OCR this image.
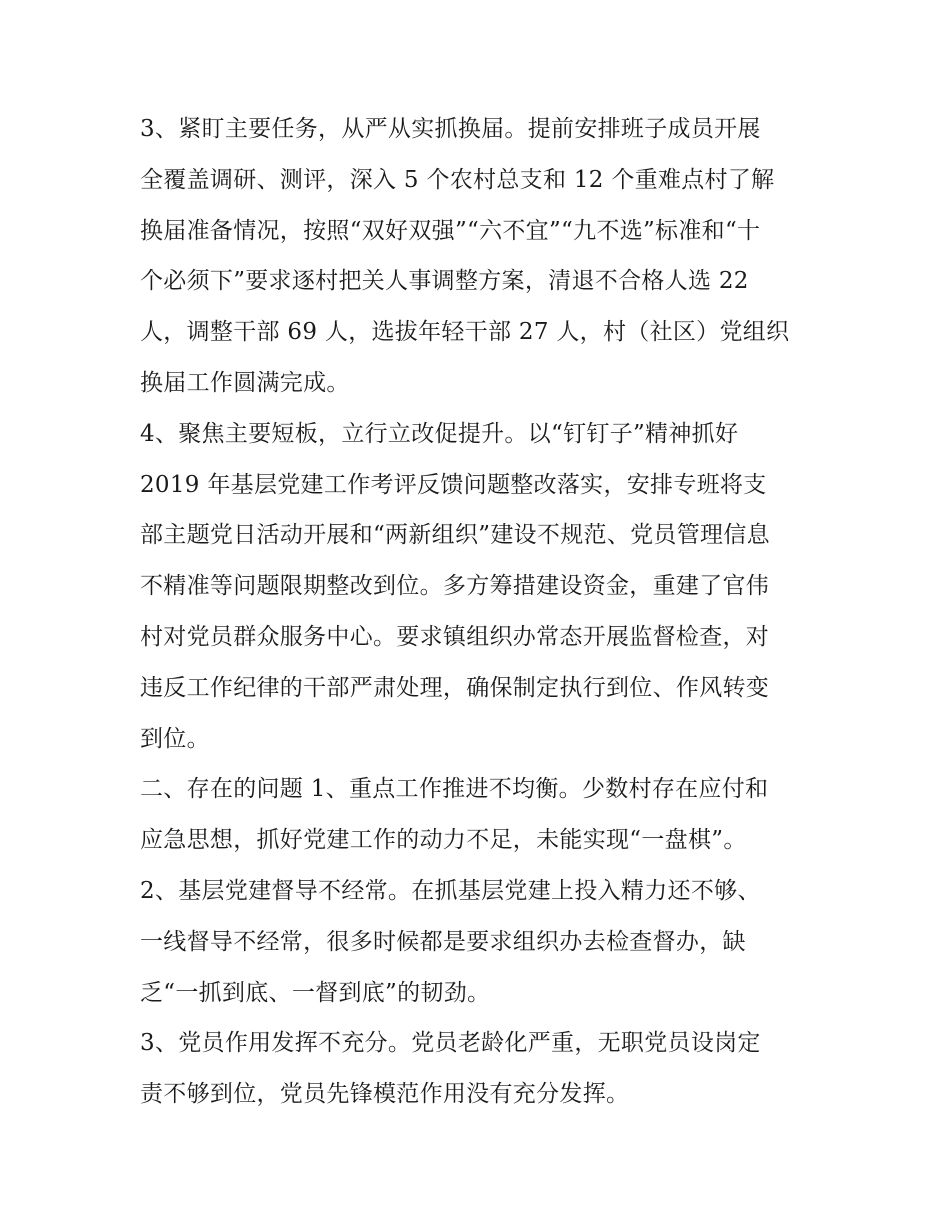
3、紧盯主要任务，从严从实抓换届。提前安排班子成员开展
全覆盖调研、测评，深入 5 个农村总支和 12 个重难点村了解
换届准备情况，按照“双好双强”“六不宜”“九不选”标准和“十
个必须下”要求逐村把关人事调整方案，清退不合格人选 22
人，调整干部 69 人，选拔年轻干部 27 人，村（社区）党组织
换届工作圆满完成。
4、聚焦主要短板，立行立改促提升。以“钉钉子”精神抓好
2019 年基层党建工作考评反馈问题整改落实，安排专班将支
部主题党日活动开展和“两新组织”建设不规范、党员管理信息
不精准等问题限期整改到位。多方筹措建设资金，重建了官伟
村对党员群众服务中心。要求镇组织办常态开展监督检查，对
违反工作纪律的干部严肃处理，确保制定执行到位、作风转变
到位。
二、存在的问题 1、重点工作推进不均衡。少数村存在应付和
应急思想，抓好党建工作的动力不足，未能实现“一盘棋”。
2、基层党建督导不经常。在抓基层党建上投入精力还不够、
一线督导不经常，很多时候都是要求组织办去检查督办，缺
乏“一抓到底、一督到底”的韧劲。
3、党员作用发挥不充分。党员老龄化严重，无职党员设岗定
责不够到位，党员先锋模范作用没有充分发挥。
